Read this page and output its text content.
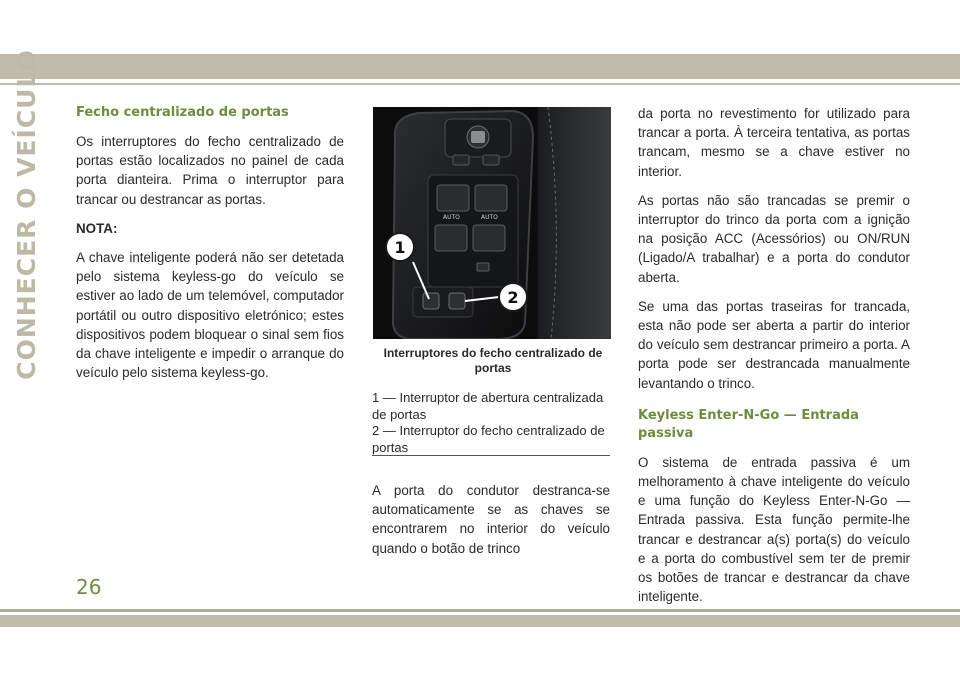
CONHECER O VEÍCULO	Fecho centralizado de portas

Os interruptores do fecho centralizado de portas estão localizados no painel de cada porta dianteira. Prima o interruptor para trancar ou destrancar as portas.

NOTA:

A chave inteligente poderá não ser detetada pelo sistema keyless-go do veículo se estiver ao lado de um telemóvel, computador portátil ou outro dispositivo eletrónico; estes dispositivos podem bloquear o sinal sem fios da chave inteligente e impedir o arranque do veículo pelo sistema keyless-go.

AUTO	AUTO
1
2
Interruptores do fecho centralizado de portas
1 — Interruptor de abertura centralizada de portas
2 — Interruptor do fecho centralizado de portas

A porta do condutor destranca-se automaticamente se as chaves se encontrarem no interior do veículo quando o botão de trinco

da porta no revestimento for utilizado para trancar a porta. À terceira tentativa, as portas trancam, mesmo se a chave estiver no interior.

As portas não são trancadas se premir o interruptor do trinco da porta com a ignição na posição ACC (Acessórios) ou ON/RUN (Ligado/A trabalhar) e a porta do condutor aberta.

Se uma das portas traseiras for trancada, esta não pode ser aberta a partir do interior do veículo sem destrancar primeiro a porta. A porta pode ser destrancada manualmente levantando o trinco.

Keyless Enter-N-Go — Entrada passiva

O sistema de entrada passiva é um melhoramento à chave inteligente do veículo e uma função do Keyless Enter-N-Go — Entrada passiva. Esta função permite-lhe trancar e destrancar a(s) porta(s) do veículo e a porta do combustível sem ter de premir os botões de trancar e destrancar da chave inteligente.

26
